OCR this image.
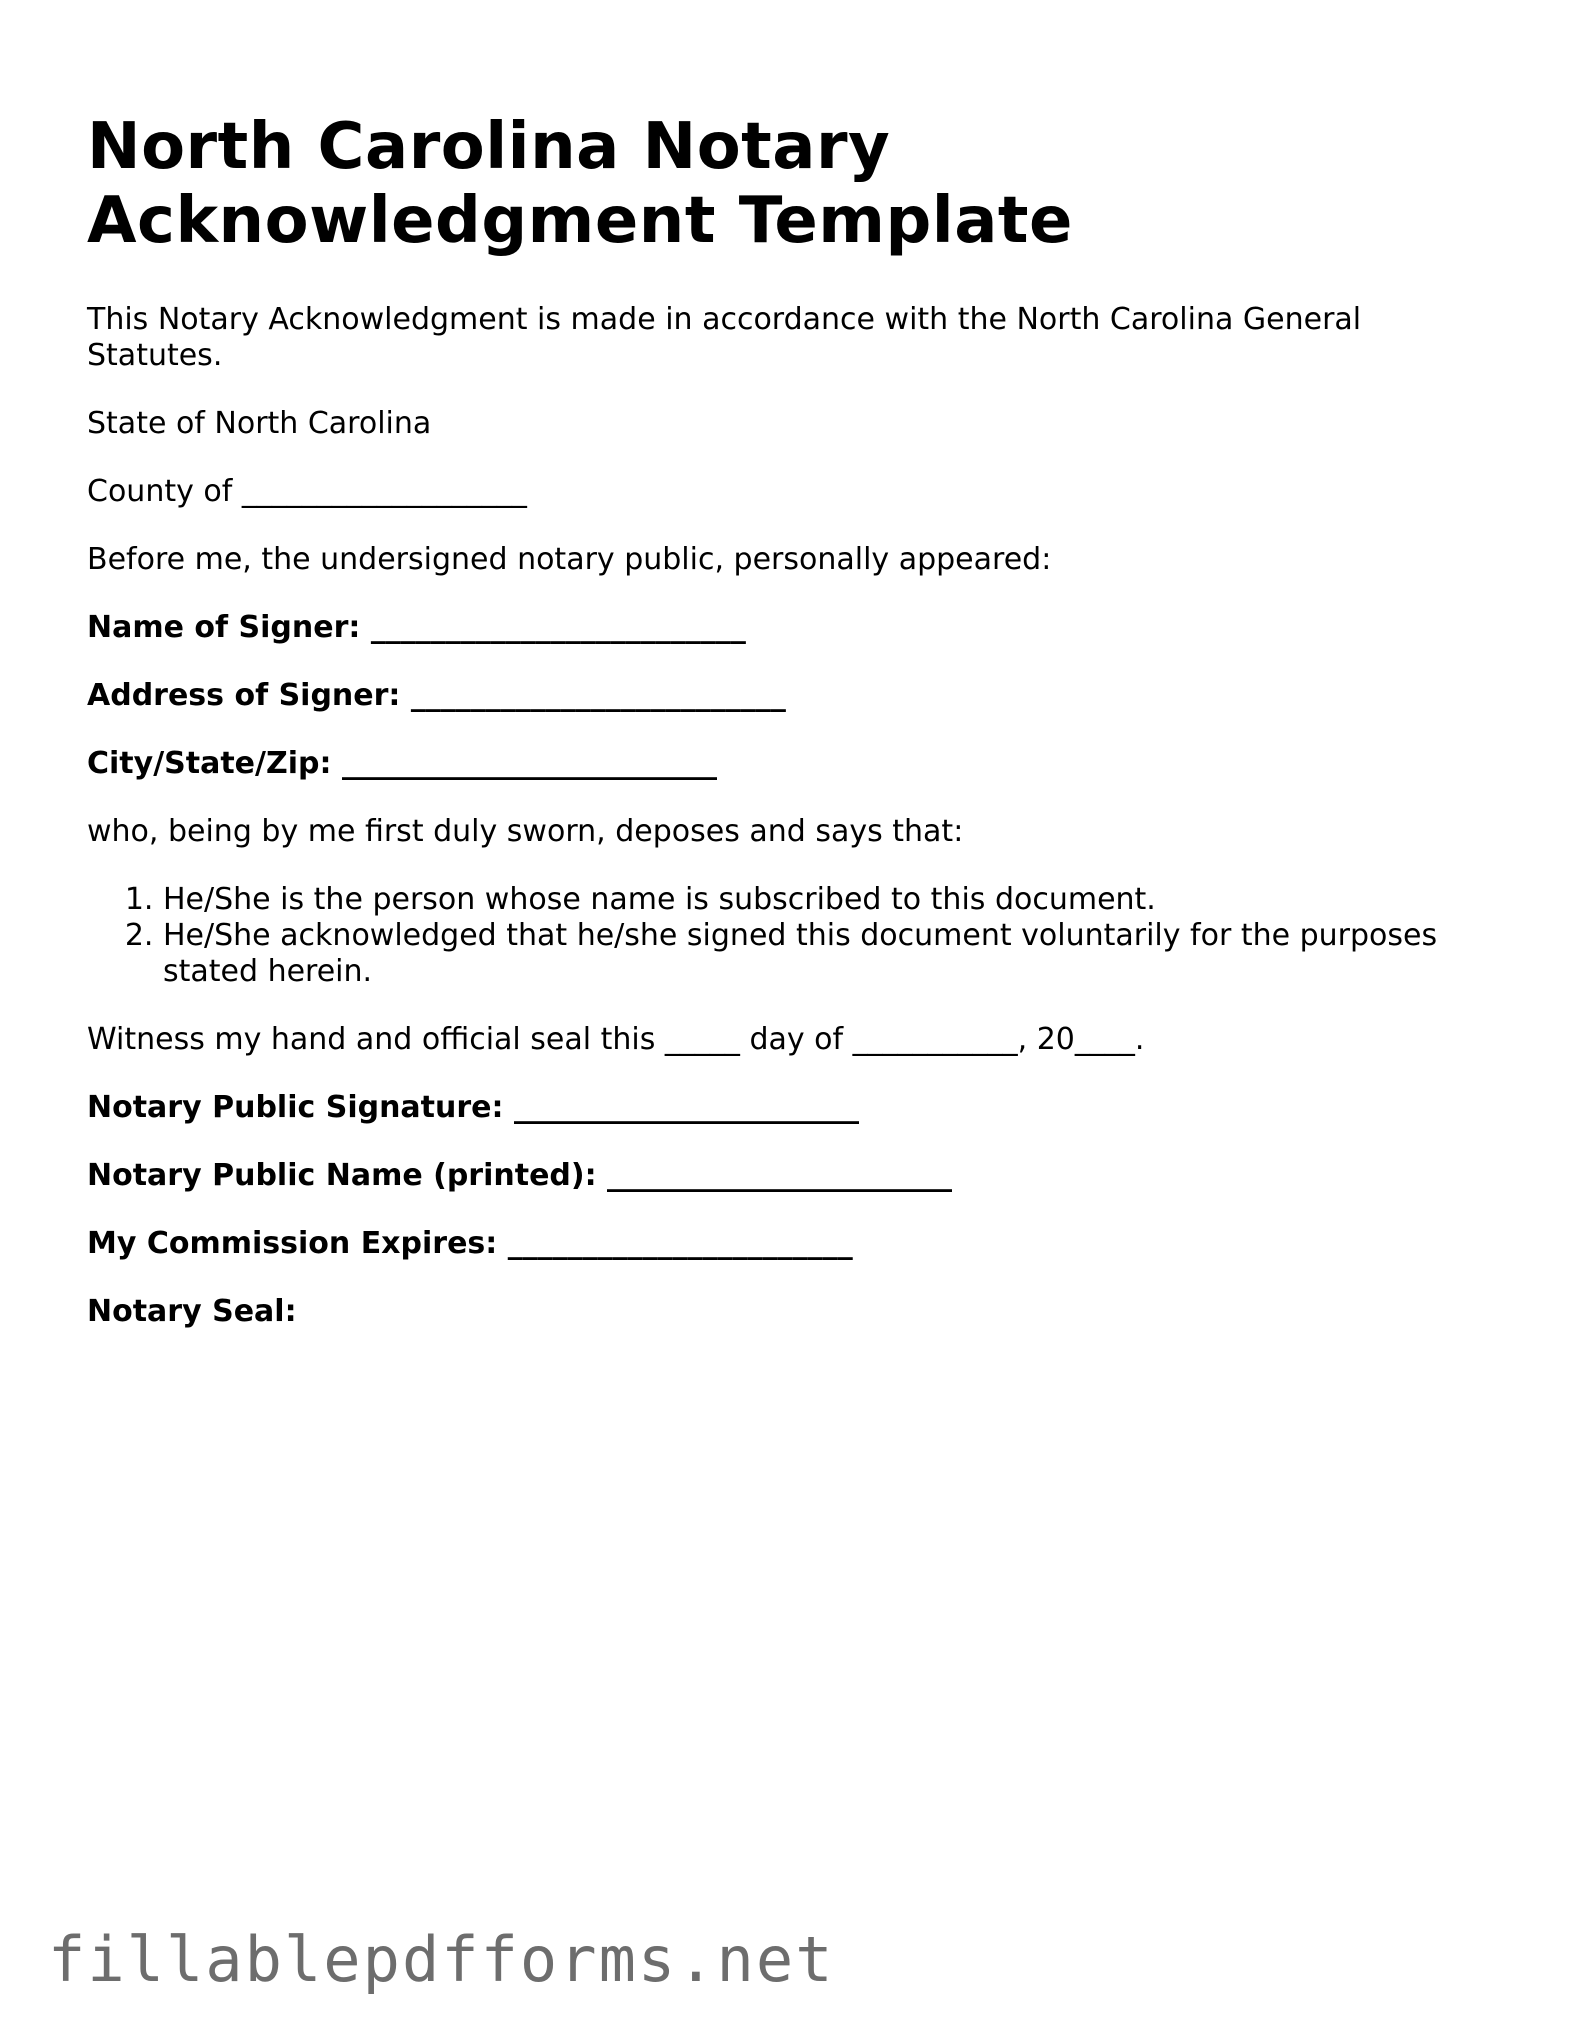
North Carolina Notary Acknowledgment Template

This Notary Acknowledgment is made in accordance with the North Carolina General Statutes.

State of North Carolina

County of ___________________

Before me, the undersigned notary public, personally appeared:

Name of Signer: _________________________

Address of Signer: _________________________

City/State/Zip: _________________________

who, being by me first duly sworn, deposes and says that:

1. He/She is the person whose name is subscribed to this document.
2. He/She acknowledged that he/she signed this document voluntarily for the purposes stated herein.

Witness my hand and official seal this _____ day of ___________, 20____.

Notary Public Signature: _______________________

Notary Public Name (printed): _______________________

My Commission Expires: _______________________

Notary Seal:

fillablepdfforms.net
